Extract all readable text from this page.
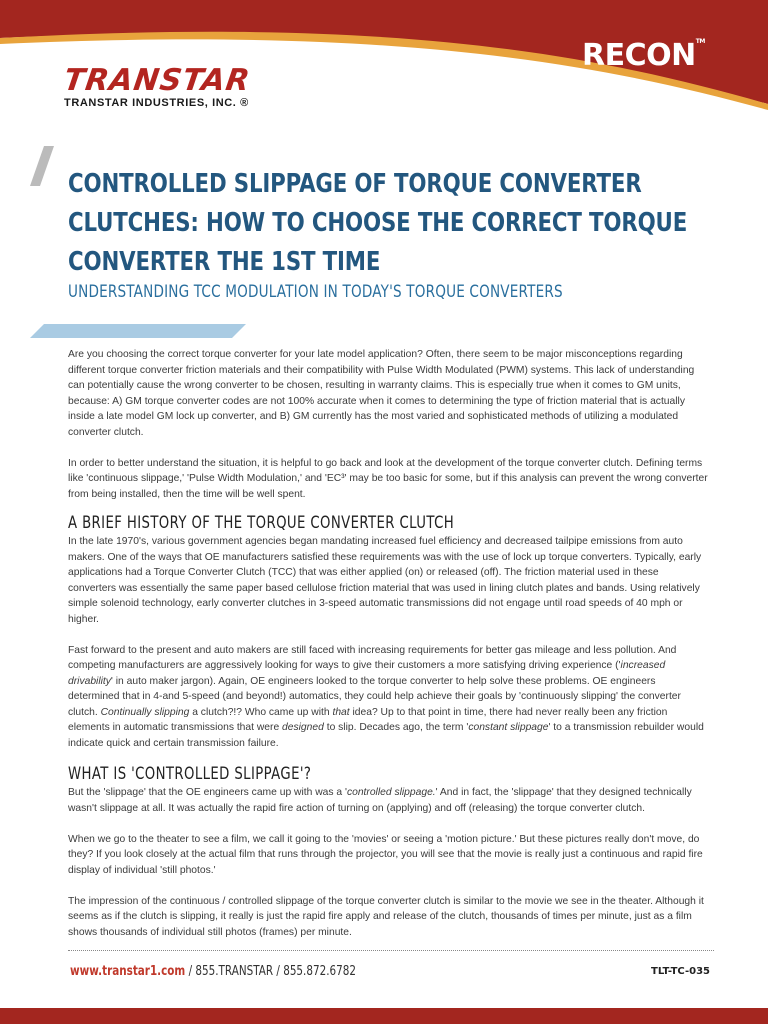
TRANSTAR
TRANSTAR INDUSTRIES, INC. ®
RECON™
CONTROLLED SLIPPAGE OF TORQUE CONVERTER
CLUTCHES: HOW TO CHOOSE THE CORRECT TORQUE
CONVERTER THE 1ST TIME
UNDERSTANDING TCC MODULATION IN TODAY'S TORQUE CONVERTERS

Are you choosing the correct torque converter for your late model application? Often, there seem to be major misconceptions regarding different torque converter friction materials and their compatibility with Pulse Width Modulated (PWM) systems. This lack of understanding can potentially cause the wrong converter to be chosen, resulting in warranty claims. This is especially true when it comes to GM units, because: A) GM torque converter codes are not 100% accurate when it comes to determining the type of friction material that is actually inside a late model GM lock up converter, and B) GM currently has the most varied and sophisticated methods of utilizing a modulated converter clutch.

In order to better understand the situation, it is helpful to go back and look at the development of the torque converter clutch. Defining terms like 'continuous slippage,' 'Pulse Width Modulation,' and 'EC³' may be too basic for some, but if this analysis can prevent the wrong converter from being installed, then the time will be well spent.

A BRIEF HISTORY OF THE TORQUE CONVERTER CLUTCH

In the late 1970's, various government agencies began mandating increased fuel efficiency and decreased tailpipe emissions from auto makers. One of the ways that OE manufacturers satisfied these requirements was with the use of lock up torque converters. Typically, early applications had a Torque Converter Clutch (TCC) that was either applied (on) or released (off). The friction material used in these converters was essentially the same paper based cellulose friction material that was used in lining clutch plates and bands. Using relatively simple solenoid technology, early converter clutches in 3-speed automatic transmissions did not engage until road speeds of 40 mph or higher.

Fast forward to the present and auto makers are still faced with increasing requirements for better gas mileage and less pollution. And competing manufacturers are aggressively looking for ways to give their customers a more satisfying driving experience ('increased drivability' in auto maker jargon). Again, OE engineers looked to the torque converter to help solve these problems. OE engineers determined that in 4-and 5-speed (and beyond!) automatics, they could help achieve their goals by 'continuously slipping' the converter clutch. Continually slipping a clutch?!? Who came up with that idea? Up to that point in time, there had never really been any friction elements in automatic transmissions that were designed to slip. Decades ago, the term 'constant slippage' to a transmission rebuilder would indicate quick and certain transmission failure.

WHAT IS 'CONTROLLED SLIPPAGE'?

But the 'slippage' that the OE engineers came up with was a 'controlled slippage.' And in fact, the 'slippage' that they designed technically wasn't slippage at all. It was actually the rapid fire action of turning on (applying) and off (releasing) the torque converter clutch.

When we go to the theater to see a film, we call it going to the 'movies' or seeing a 'motion picture.' But these pictures really don't move, do they? If you look closely at the actual film that runs through the projector, you will see that the movie is really just a continuous and rapid fire display of individual 'still photos.'

The impression of the continuous / controlled slippage of the torque converter clutch is similar to the movie we see in the theater. Although it seems as if the clutch is slipping, it really is just the rapid fire apply and release of the clutch, thousands of times per minute, just as a film shows thousands of individual still photos (frames) per minute.

www.transtar1.com / 855.TRANSTAR / 855.872.6782	TLT-TC-035
